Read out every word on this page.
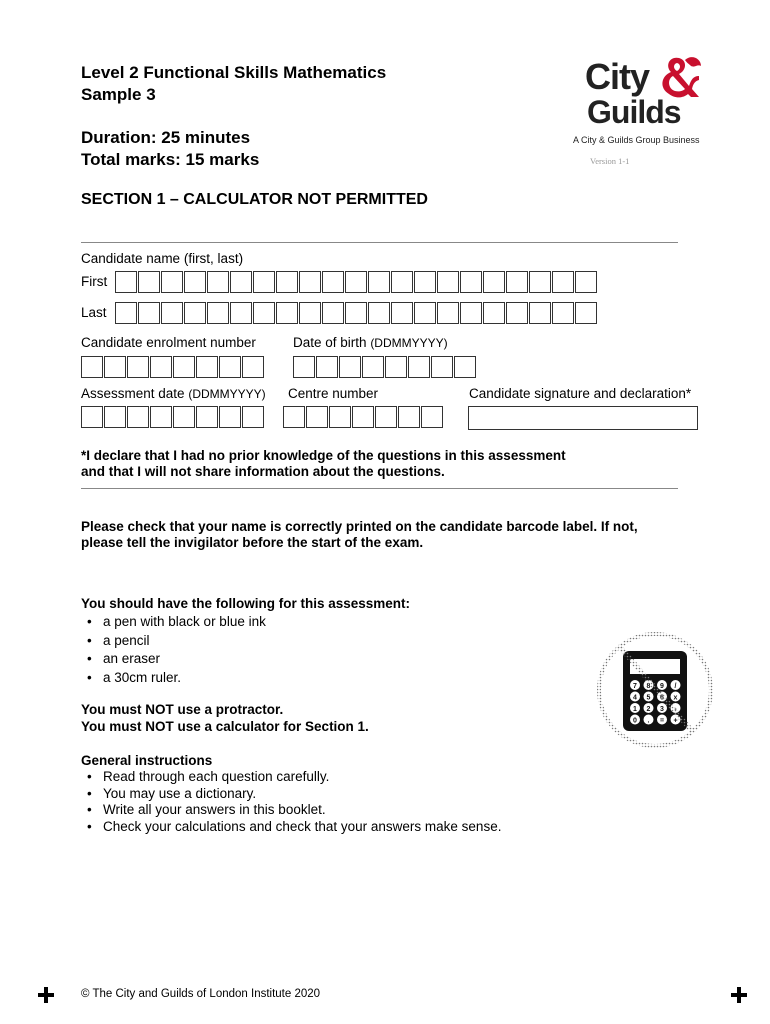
Level 2 Functional Skills Mathematics
Sample 3
Duration: 25 minutes
Total marks: 15 marks
SECTION 1 – CALCULATOR NOT PERMITTED
City
Guilds
A City & Guilds Group Business
Version 1-1
Candidate name (first, last)
First
Last
Candidate enrolment number	Date of birth (DDMMYYYY)
Assessment date (DDMMYYYY) Centre number	Candidate signature and declaration*
*I declare that I had no prior knowledge of the questions in this assessment
and that I will not share information about the questions.
Please check that your name is correctly printed on the candidate barcode label. If not,
please tell the invigilator before the start of the exam.
You should have the following for this assessment:
• a pen with black or blue ink
• a pencil
• an eraser
• a 30cm ruler.
You must NOT use a protractor.
You must NOT use a calculator for Section 1.
7 8 9 /
4 5	x
1 2 3
0 . = +
General instructions
• Read through each question carefully.
• You may use a dictionary.
• Write all your answers in this booklet.
• Check your calculations and check that your answers make sense.
© The City and Guilds of London Institute 2020
